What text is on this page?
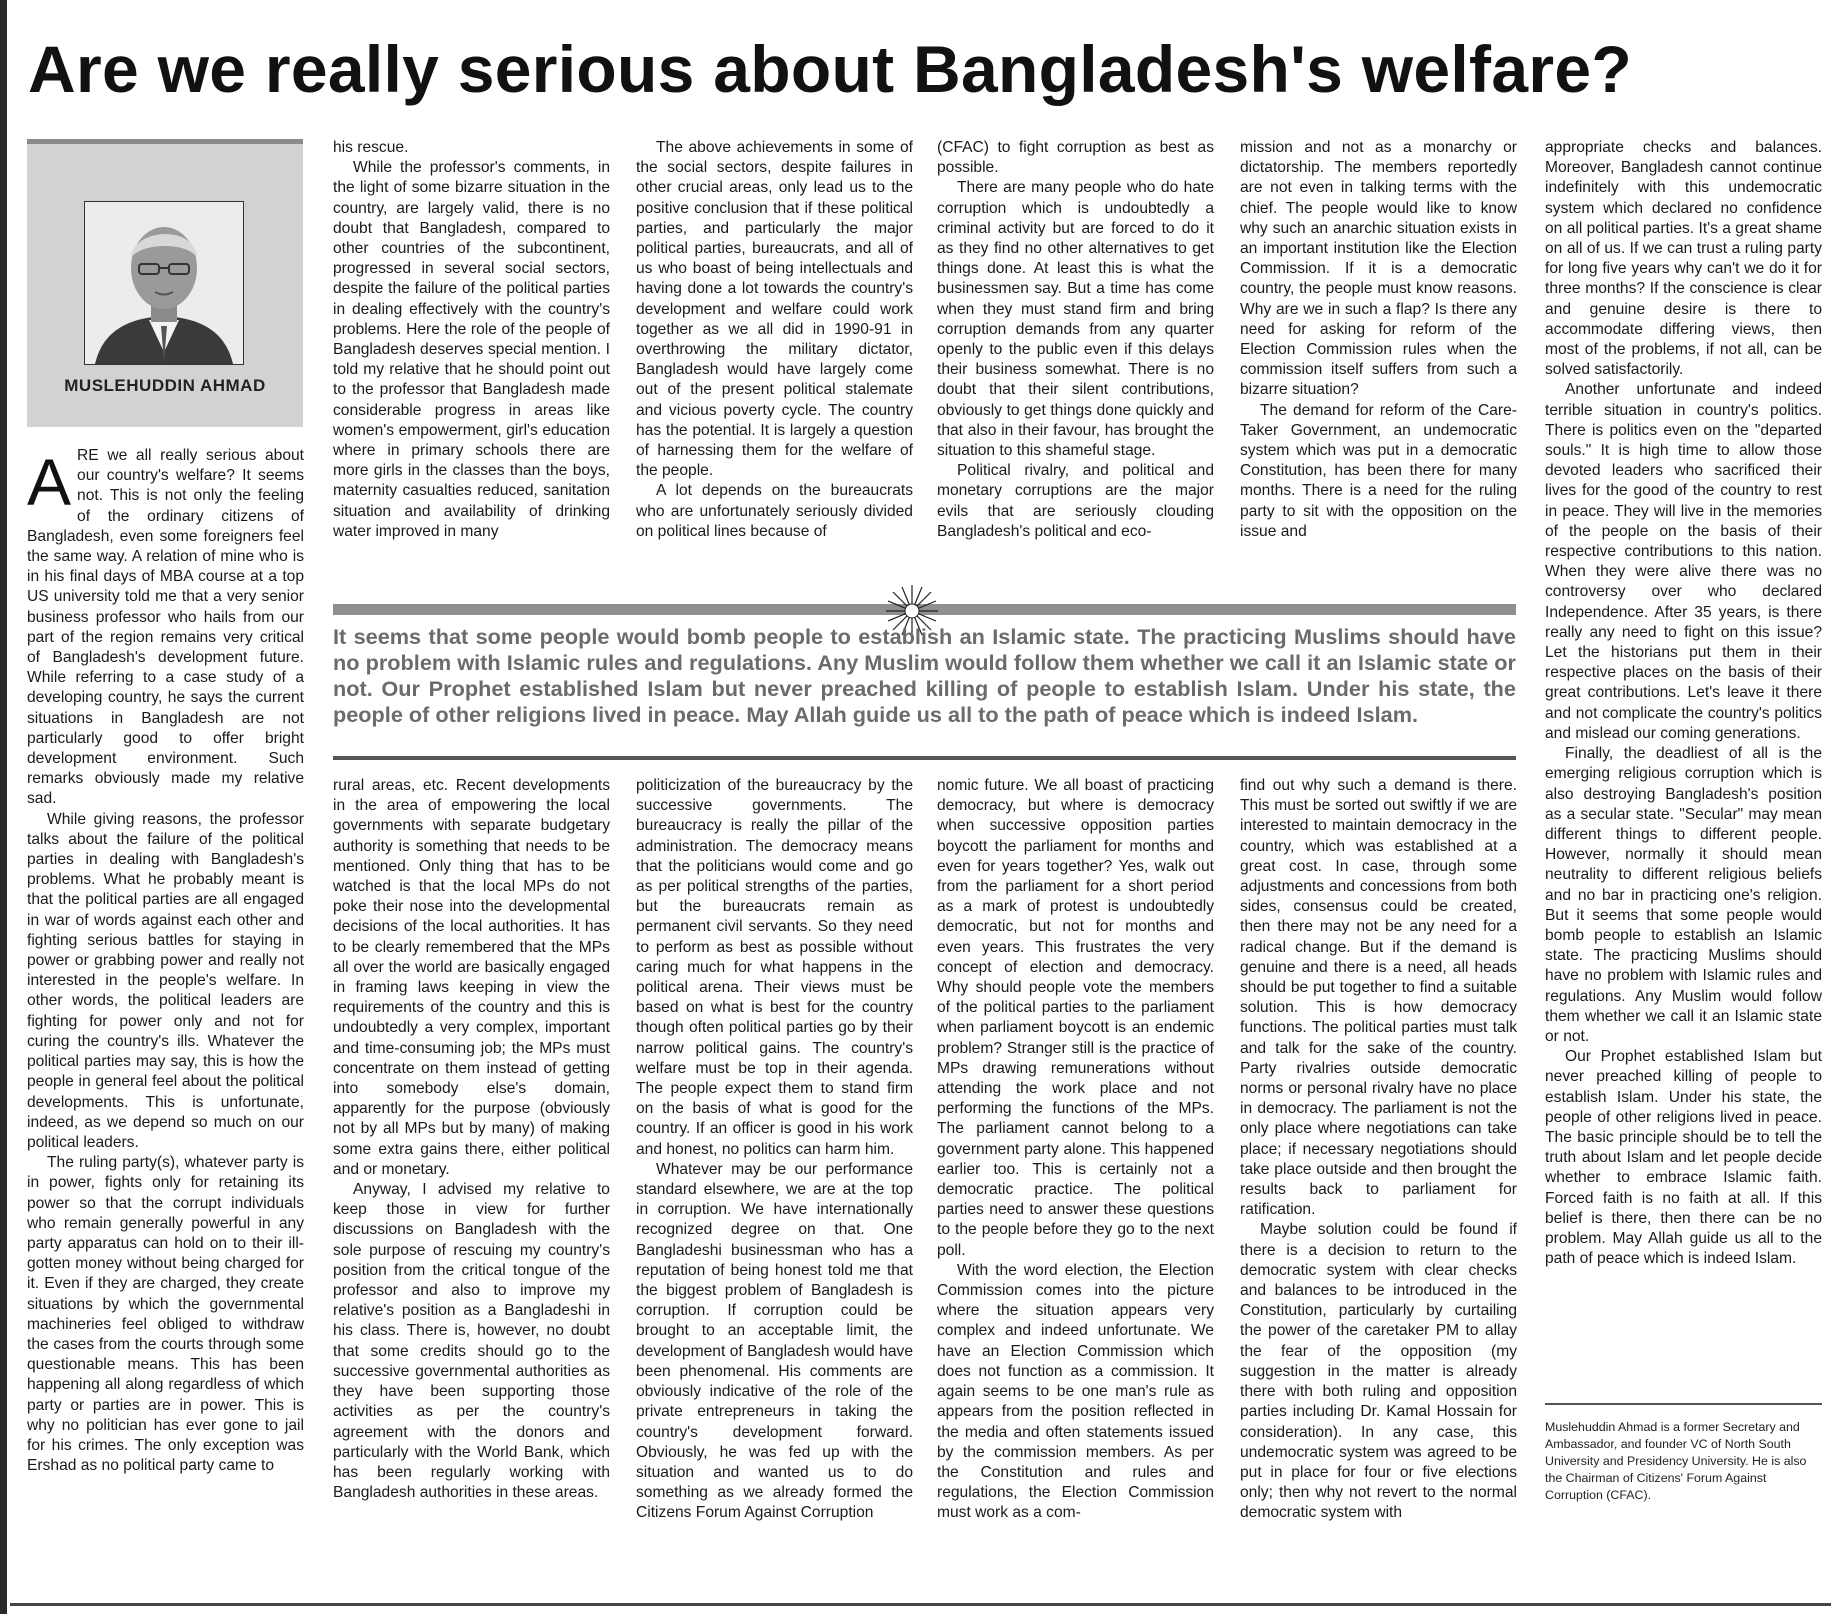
Are we really serious about Bangladesh's welfare?
MUSLEHUDDIN AHMAD

ARE we all really serious about our country's welfare? It seems not. This is not only the feeling of the ordinary citizens of Bangladesh, even some foreigners feel the same way. A relation of mine who is in his final days of MBA course at a top US university told me that a very senior business professor who hails from our part of the region remains very critical of Bangladesh's development future. While referring to a case study of a developing country, he says the current situations in Bangladesh are not particularly good to offer bright development environment. Such remarks obviously made my relative sad.

While giving reasons, the professor talks about the failure of the political parties in dealing with Bangladesh's problems. What he probably meant is that the political parties are all engaged in war of words against each other and fighting serious battles for staying in power or grabbing power and really not interested in the people's welfare. In other words, the political leaders are fighting for power only and not for curing the country's ills. Whatever the political parties may say, this is how the people in general feel about the political developments. This is unfortunate, indeed, as we depend so much on our political leaders.

The ruling party(s), whatever party is in power, fights only for retaining its power so that the corrupt individuals who remain generally powerful in any party apparatus can hold on to their ill-gotten money without being charged for it. Even if they are charged, they create situations by which the governmental machineries feel obliged to withdraw the cases from the courts through some questionable means. This has been happening all along regardless of which party or parties are in power. This is why no politician has ever gone to jail for his crimes. The only exception was Ershad as no political party came to

his rescue.

While the professor's comments, in the light of some bizarre situation in the country, are largely valid, there is no doubt that Bangladesh, compared to other countries of the subcontinent, progressed in several social sectors, despite the failure of the political parties in dealing effectively with the country's problems. Here the role of the people of Bangladesh deserves special mention. I told my relative that he should point out to the professor that Bangladesh made considerable progress in areas like women's empowerment, girl's education where in primary schools there are more girls in the classes than the boys, maternity casualties reduced, sanitation situation and availability of drinking water improved in many

The above achievements in some of the social sectors, despite failures in other crucial areas, only lead us to the positive conclusion that if these political parties, and particularly the major political parties, bureaucrats, and all of us who boast of being intellectuals and having done a lot towards the country's development and welfare could work together as we all did in 1990-91 in overthrowing the military dictator, Bangladesh would have largely come out of the present political stalemate and vicious poverty cycle. The country has the potential. It is largely a question of harnessing them for the welfare of the people.

A lot depends on the bureaucrats who are unfortunately seriously divided on political lines because of

(CFAC) to fight corruption as best as possible.

There are many people who do hate corruption which is undoubtedly a criminal activity but are forced to do it as they find no other alternatives to get things done. At least this is what the businessmen say. But a time has come when they must stand firm and bring corruption demands from any quarter openly to the public even if this delays their business somewhat. There is no doubt that their silent contributions, obviously to get things done quickly and that also in their favour, has brought the situation to this shameful stage.

Political rivalry, and political and monetary corruptions are the major evils that are seriously clouding Bangladesh's political and eco-

mission and not as a monarchy or dictatorship. The members reportedly are not even in talking terms with the chief. The people would like to know why such an anarchic situation exists in an important institution like the Election Commission. If it is a democratic country, the people must know reasons. Why are we in such a flap? Is there any need for asking for reform of the Election Commission rules when the commission itself suffers from such a bizarre situation?

The demand for reform of the Care-Taker Government, an undemocratic system which was put in a democratic Constitution, has been there for many months. There is a need for the ruling party to sit with the opposition on the issue and

appropriate checks and balances. Moreover, Bangladesh cannot continue indefinitely with this undemocratic system which declared no confidence on all political parties. It's a great shame on all of us. If we can trust a ruling party for long five years why can't we do it for three months? If the conscience is clear and genuine desire is there to accommodate differing views, then most of the problems, if not all, can be solved satisfactorily.

Another unfortunate and indeed terrible situation in country's politics. There is politics even on the "departed souls." It is high time to allow those devoted leaders who sacrificed their lives for the good of the country to rest in peace. They will live in the memories of the people on the basis of their respective contributions to this nation. When they were alive there was no controversy over who declared Independence. After 35 years, is there really any need to fight on this issue? Let the historians put them in their respective places on the basis of their great contributions. Let's leave it there and not complicate the country's politics and mislead our coming generations.

Finally, the deadliest of all is the emerging religious corruption which is also destroying Bangladesh's position as a secular state. "Secular" may mean different things to different people. However, normally it should mean neutrality to different religious beliefs and no bar in practicing one's religion. But it seems that some people would bomb people to establish an Islamic state. The practicing Muslims should have no problem with Islamic rules and regulations. Any Muslim would follow them whether we call it an Islamic state or not.

Our Prophet established Islam but never preached killing of people to establish Islam. Under his state, the people of other religions lived in peace. The basic principle should be to tell the truth about Islam and let people decide whether to embrace Islamic faith. Forced faith is no faith at all. If this belief is there, then there can be no problem. May Allah guide us all to the path of peace which is indeed Islam.

Muslehuddin Ahmad is a former Secretary and Ambassador, and founder VC of North South University and Presidency University. He is also the Chairman of Citizens' Forum Against Corruption (CFAC).

It seems that some people would bomb people to establish an Islamic state. The practicing Muslims should have no problem with Islamic rules and regulations. Any Muslim would follow them whether we call it an Islamic state or not. Our Prophet established Islam but never preached killing of people to establish Islam. Under his state, the people of other religions lived in peace. May Allah guide us all to the path of peace which is indeed Islam.

rural areas, etc. Recent developments in the area of empowering the local governments with separate budgetary authority is something that needs to be mentioned. Only thing that has to be watched is that the local MPs do not poke their nose into the developmental decisions of the local authorities. It has to be clearly remembered that the MPs all over the world are basically engaged in framing laws keeping in view the requirements of the country and this is undoubtedly a very complex, important and time-consuming job; the MPs must concentrate on them instead of getting into somebody else's domain, apparently for the purpose (obviously not by all MPs but by many) of making some extra gains there, either political and or monetary.

Anyway, I advised my relative to keep those in view for further discussions on Bangladesh with the sole purpose of rescuing my country's position from the critical tongue of the professor and also to improve my relative's position as a Bangladeshi in his class. There is, however, no doubt that some credits should go to the successive governmental authorities as they have been supporting those activities as per the country's agreement with the donors and particularly with the World Bank, which has been regularly working with Bangladesh authorities in these areas.

politicization of the bureaucracy by the successive governments. The bureaucracy is really the pillar of the administration. The democracy means that the politicians would come and go as per political strengths of the parties, but the bureaucrats remain as permanent civil servants. So they need to perform as best as possible without caring much for what happens in the political arena. Their views must be based on what is best for the country though often political parties go by their narrow political gains. The country's welfare must be top in their agenda. The people expect them to stand firm on the basis of what is good for the country. If an officer is good in his work and honest, no politics can harm him.

Whatever may be our performance standard elsewhere, we are at the top in corruption. We have internationally recognized degree on that. One Bangladeshi businessman who has a reputation of being honest told me that the biggest problem of Bangladesh is corruption. If corruption could be brought to an acceptable limit, the development of Bangladesh would have been phenomenal. His comments are obviously indicative of the role of the private entrepreneurs in taking the country's development forward. Obviously, he was fed up with the situation and wanted us to do something as we already formed the Citizens Forum Against Corruption

nomic future. We all boast of practicing democracy, but where is democracy when successive opposition parties boycott the parliament for months and even for years together? Yes, walk out from the parliament for a short period as a mark of protest is undoubtedly democratic, but not for months and even years. This frustrates the very concept of election and democracy. Why should people vote the members of the political parties to the parliament when parliament boycott is an endemic problem? Stranger still is the practice of MPs drawing remunerations without attending the work place and not performing the functions of the MPs. The parliament cannot belong to a government party alone. This happened earlier too. This is certainly not a democratic practice. The political parties need to answer these questions to the people before they go to the next poll.

With the word election, the Election Commission comes into the picture where the situation appears very complex and indeed unfortunate. We have an Election Commission which does not function as a commission. It again seems to be one man's rule as appears from the position reflected in the media and often statements issued by the commission members. As per the Constitution and rules and regulations, the Election Commission must work as a com-

find out why such a demand is there. This must be sorted out swiftly if we are interested to maintain democracy in the country, which was established at a great cost. In case, through some adjustments and concessions from both sides, consensus could be created, then there may not be any need for a radical change. But if the demand is genuine and there is a need, all heads should be put together to find a suitable solution. This is how democracy functions. The political parties must talk and talk for the sake of the country. Party rivalries outside democratic norms or personal rivalry have no place in democracy. The parliament is not the only place where negotiations can take place; if necessary negotiations should take place outside and then brought the results back to parliament for ratification.

Maybe solution could be found if there is a decision to return to the democratic system with clear checks and balances to be introduced in the Constitution, particularly by curtailing the power of the caretaker PM to allay the fear of the opposition (my suggestion in the matter is already there with both ruling and opposition parties including Dr. Kamal Hossain for consideration). In any case, this undemocratic system was agreed to be put in place for four or five elections only; then why not revert to the normal democratic system with
